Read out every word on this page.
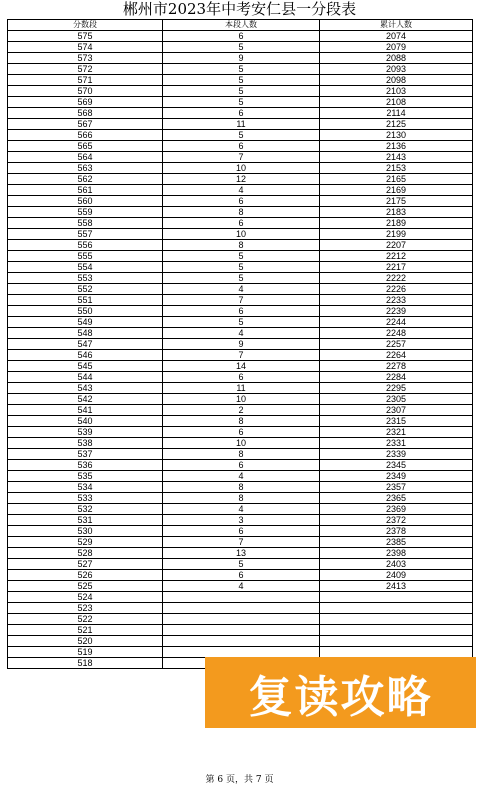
郴州市2023年中考安仁县一分段表
分数段	本段人数	累计人数
575	6	2074
574	5	2079
573	9	2088
572	5	2093
571	5	2098
570	5	2103
569	5	2108
568	6	2114
567	11	2125
566	5	2130
565	6	2136
564	7	2143
563	10	2153
562	12	2165
561	4	2169
560	6	2175
559	8	2183
558	6	2189
557	10	2199
556	8	2207
555	5	2212
554	5	2217
553	5	2222
552	4	2226
551	7	2233
550	6	2239
549	5	2244
548	4	2248
547	9	2257
546	7	2264
545	14	2278
544	6	2284
543	11	2295
542	10	2305
541	2	2307
540	8	2315
539	6	2321
538	10	2331
537	8	2339
536	6	2345
535	4	2349
534	8	2357
533	8	2365
532	4	2369
531	3	2372
530	6	2378
529	7	2385
528	13	2398
527	5	2403
526	6	2409
525	4	2413
524		
523		
522		
521		
520		
519		
518		
第 6 页，共 7 页
复读攻略
